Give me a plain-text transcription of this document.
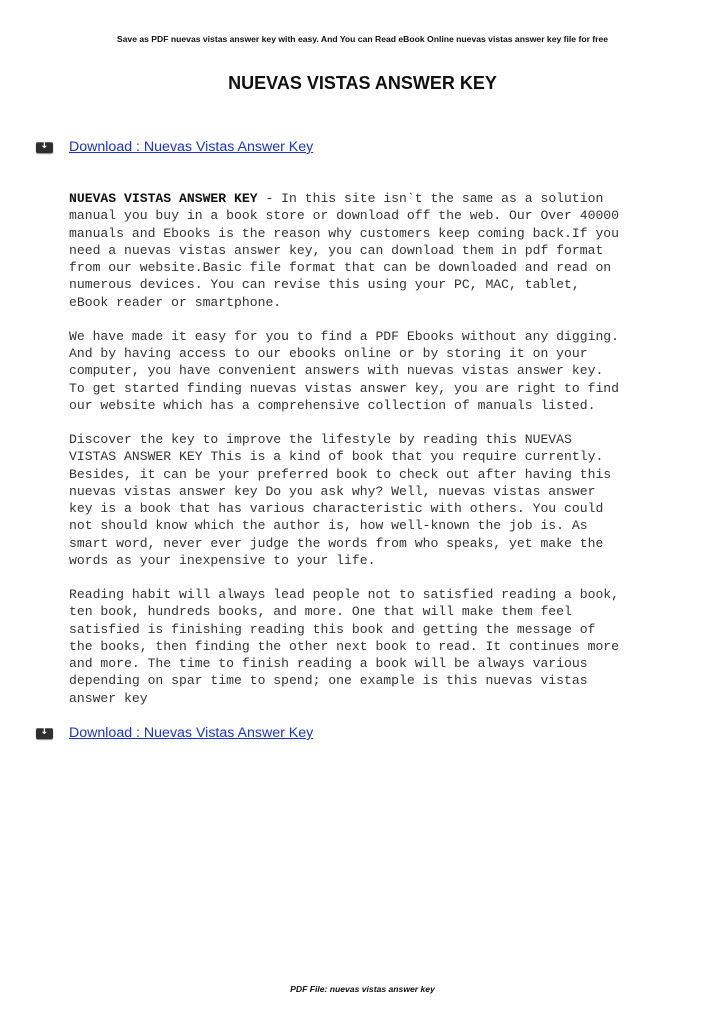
Save as PDF nuevas vistas answer key with easy. And You can Read eBook Online nuevas vistas answer key file for free
NUEVAS VISTAS ANSWER KEY
↓
Download : Nuevas Vistas Answer Key

NUEVAS VISTAS ANSWER KEY - In this site isn`t the same as a solution
manual you buy in a book store or download off the web. Our Over 40000
manuals and Ebooks is the reason why customers keep coming back.If you
need a nuevas vistas answer key, you can download them in pdf format
from our website.Basic file format that can be downloaded and read on
numerous devices. You can revise this using your PC, MAC, tablet,
eBook reader or smartphone.

We have made it easy for you to find a PDF Ebooks without any digging.
And by having access to our ebooks online or by storing it on your
computer, you have convenient answers with nuevas vistas answer key.
To get started finding nuevas vistas answer key, you are right to find
our website which has a comprehensive collection of manuals listed.

Discover the key to improve the lifestyle by reading this NUEVAS
VISTAS ANSWER KEY This is a kind of book that you require currently.
Besides, it can be your preferred book to check out after having this
nuevas vistas answer key Do you ask why? Well, nuevas vistas answer
key is a book that has various characteristic with others. You could
not should know which the author is, how well-known the job is. As
smart word, never ever judge the words from who speaks, yet make the
words as your inexpensive to your life.

Reading habit will always lead people not to satisfied reading a book,
ten book, hundreds books, and more. One that will make them feel
satisfied is finishing reading this book and getting the message of
the books, then finding the other next book to read. It continues more
and more. The time to finish reading a book will be always various
depending on spar time to spend; one example is this nuevas vistas
answer key

↓
Download : Nuevas Vistas Answer Key
PDF File: nuevas vistas answer key
